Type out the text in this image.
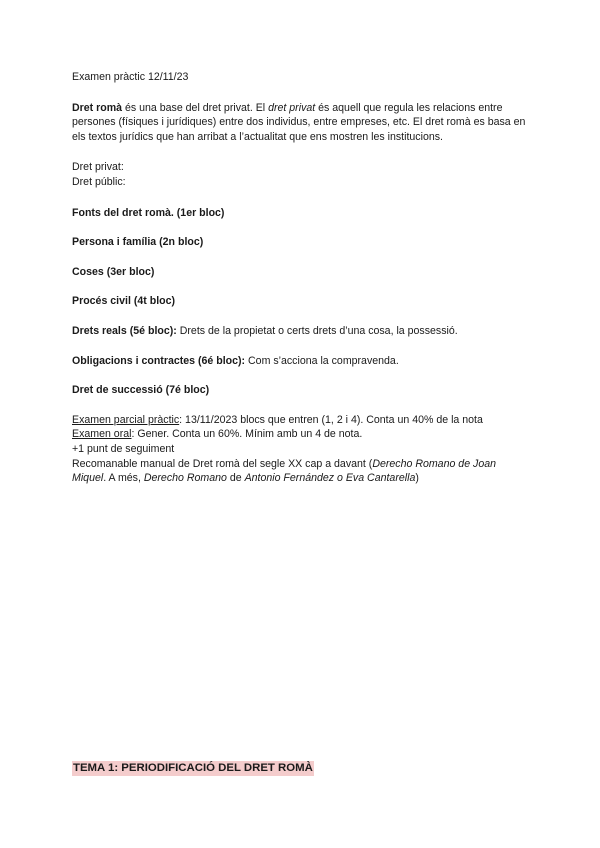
Examen pràctic 12/11/23

Dret romà és una base del dret privat. El dret privat és aquell que regula les relacions entre persones (físiques i jurídiques) entre dos individus, entre empreses, etc. El dret romà es basa en els textos jurídics que han arribat a l’actualitat que ens mostren les institucions.

Dret privat:

Dret públic:

Fonts del dret romà. (1er bloc)

Persona i família (2n bloc)

Coses (3er bloc)

Procés civil (4t bloc)

Drets reals (5é bloc): Drets de la propietat o certs drets d’una cosa, la possessió.

Obligacions i contractes (6é bloc): Com s’acciona la compravenda.

Dret de successió (7é bloc)

Examen parcial pràctic: 13/11/2023 blocs que entren (1, 2 i 4). Conta un 40% de la nota

Examen oral: Gener. Conta un 60%. Mínim amb un 4 de nota.

+1 punt de seguiment

Recomanable manual de Dret romà del segle XX cap a davant (Derecho Romano de Joan Miquel. A més, Derecho Romano de Antonio Fernández o Eva Cantarella)

TEMA 1: PERIODIFICACIÓ DEL DRET ROMÀ
